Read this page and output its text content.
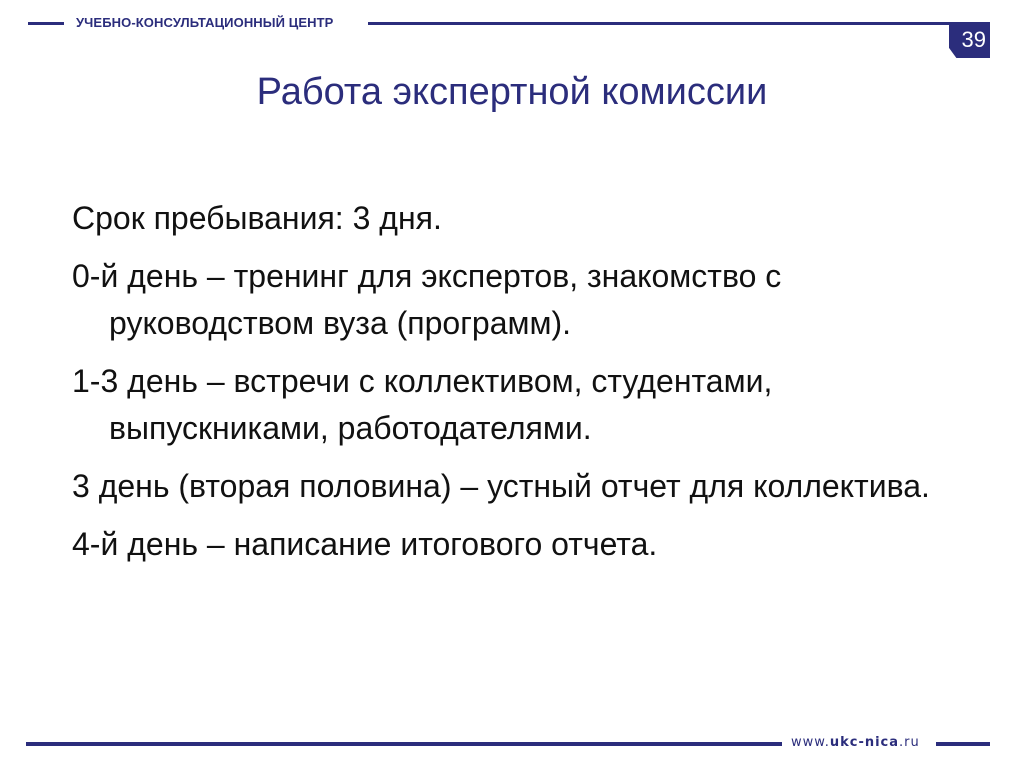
УЧЕБНО-КОНСУЛЬТАЦИОННЫЙ ЦЕНТР
39
Работа экспертной комиссии
Срок пребывания: 3 дня.
0-й день – тренинг для экспертов, знакомство с руководством вуза (программ).
1-3 день – встречи с коллективом, студентами, выпускниками, работодателями.
3 день (вторая половина) – устный отчет для коллектива.
4-й день – написание итогового отчета.
www.ukc-nica.ru
